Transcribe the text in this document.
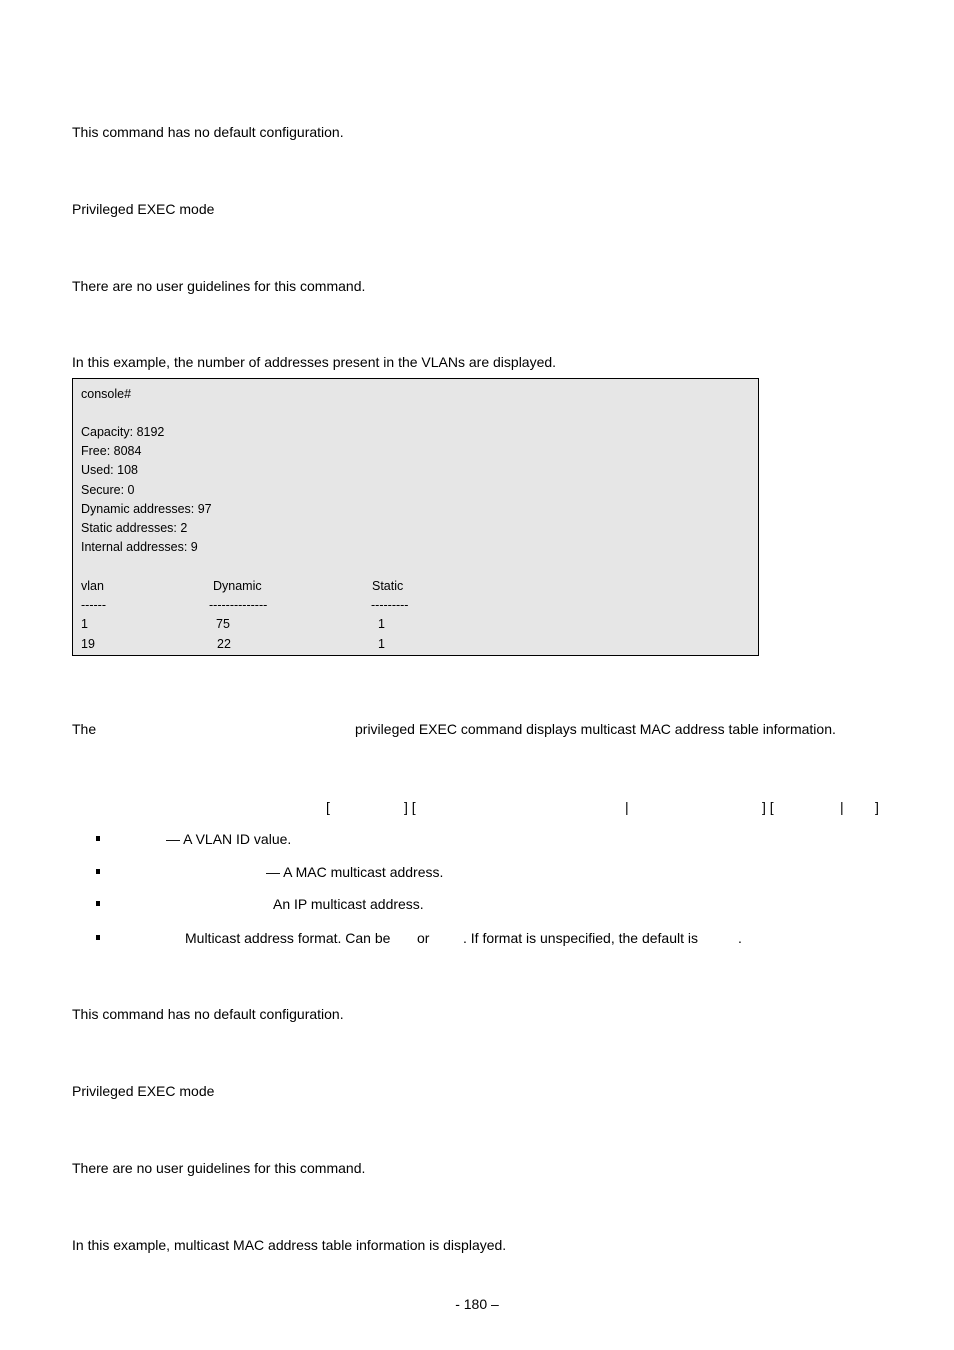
This command has no default configuration.
Privileged EXEC mode
There are no user guidelines for this command.
In this example, the number of addresses present in the VLANs are displayed.
console#
Capacity: 8192
Free: 8084
Used: 108
Secure: 0
Dynamic addresses: 97
Static addresses: 2
Internal addresses: 9
vlan	Dynamic	Static
------	--------------	---------
1	75	1
19	22	1
The	privileged EXEC command displays multicast MAC address table information.
[	] [	|	] [	| ]
— A VLAN ID value.
— A MAC multicast address.
An IP multicast address.
Multicast address format. Can be or . If format is unspecified, the default is	.
This command has no default configuration.
Privileged EXEC mode
There are no user guidelines for this command.
In this example, multicast MAC address table information is displayed.
- 180 –
